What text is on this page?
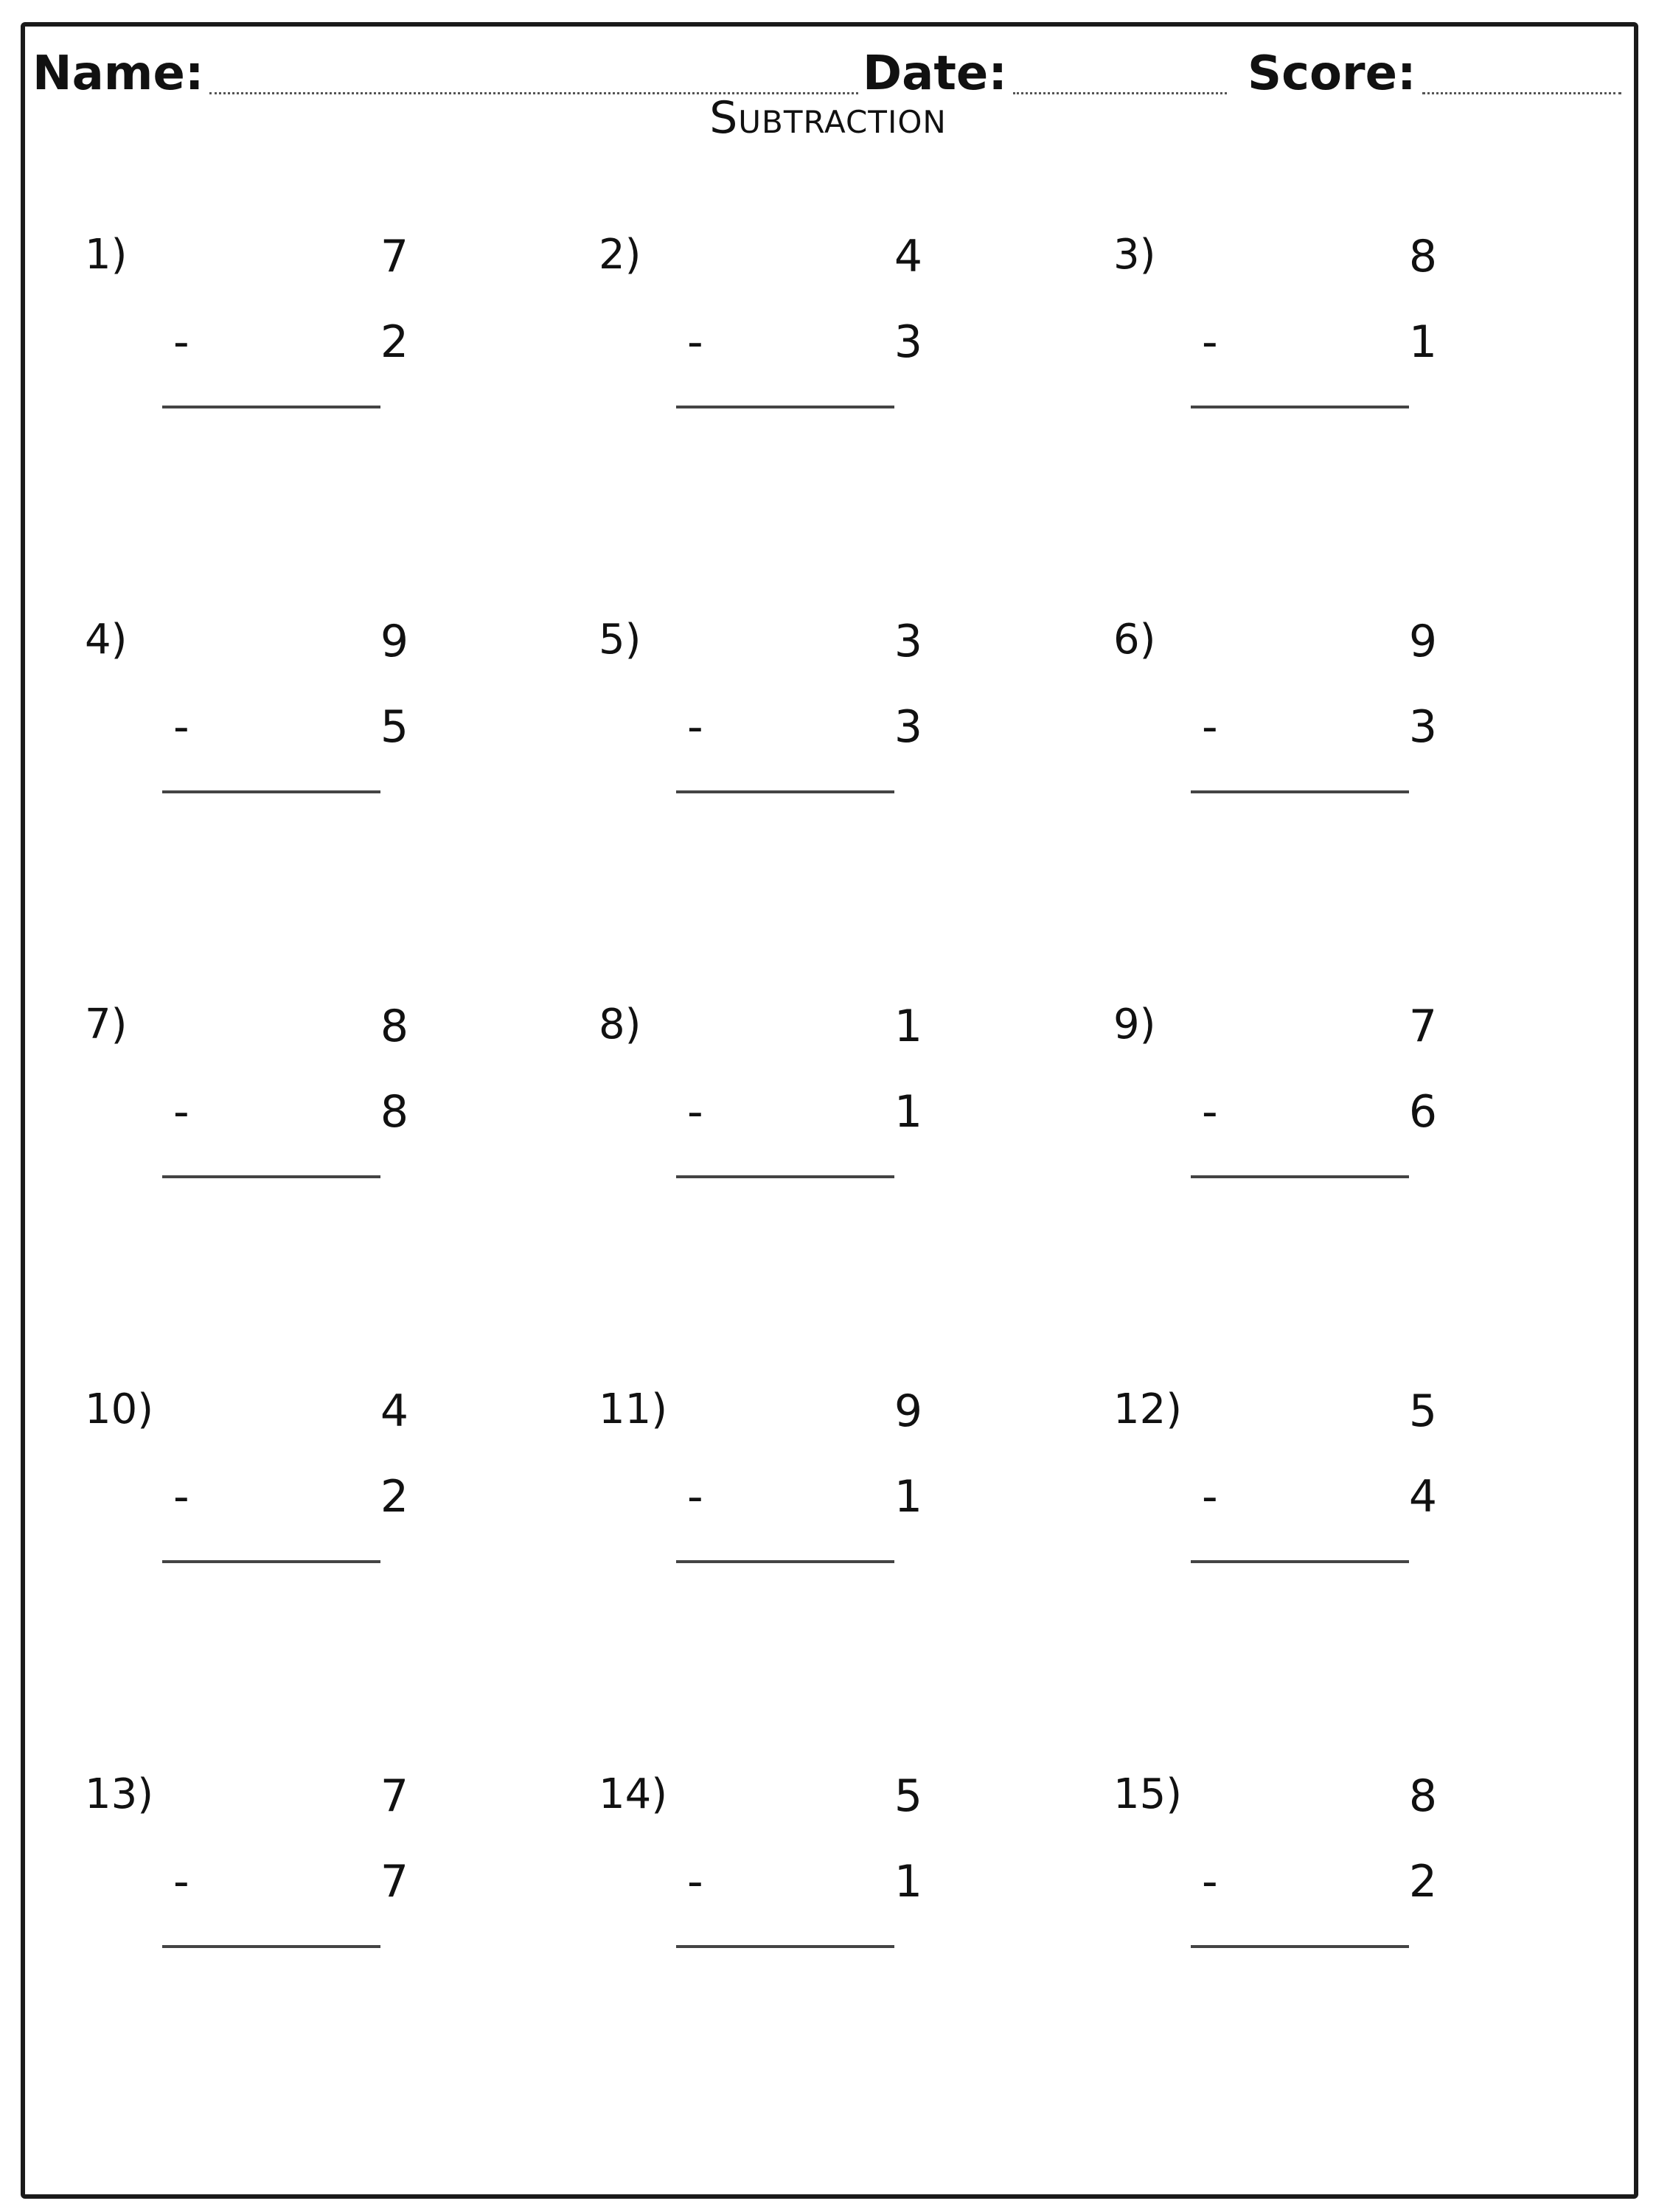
Name:	Date:	Score:
Subtraction
1)	7
-	2
2)	4
-	3
3)	8
-	1
4)	9
-	5
5)	3
-	3
6)	9
-	3
7)	8
-	8
8)	1
-	1
9)	7
-	6
10)	4
-	2
11)	9
-	1
12)	5
-	4
13)	7
-	7
14)	5
-	1
15)	8
-	2
